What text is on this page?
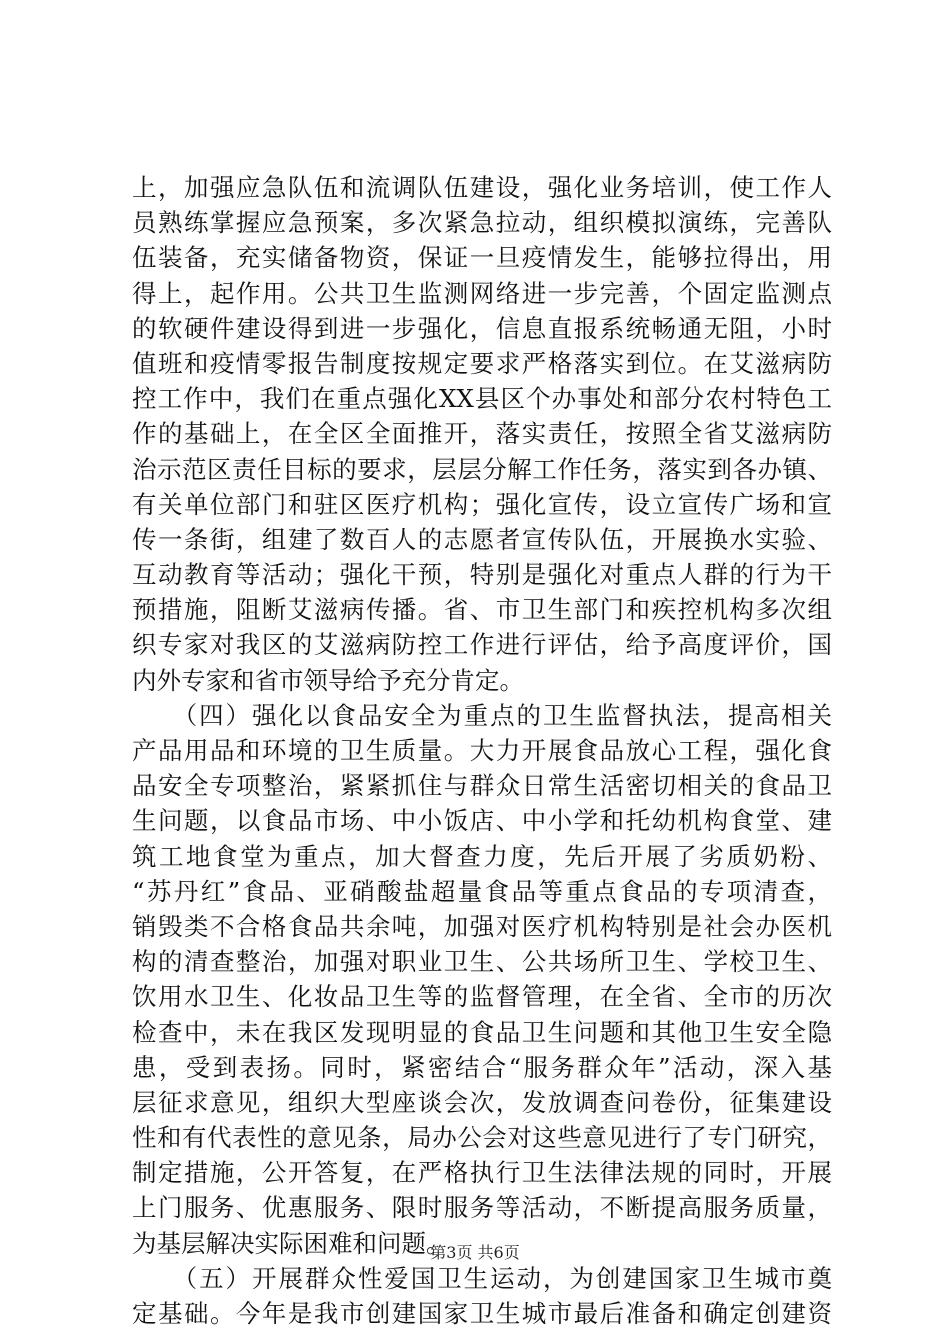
上，加强应急队伍和流调队伍建设，强化业务培训，使工作人
员熟练掌握应急预案，多次紧急拉动，组织模拟演练，完善队
伍装备，充实储备物资，保证一旦疫情发生，能够拉得出，用
得上，起作用。公共卫生监测网络进一步完善，个固定监测点
的软硬件建设得到进一步强化，信息直报系统畅通无阻，小时
值班和疫情零报告制度按规定要求严格落实到位。在艾滋病防
控工作中，我们在重点强化XX县区个办事处和部分农村特色工
作的基础上，在全区全面推开，落实责任，按照全省艾滋病防
治示范区责任目标的要求，层层分解工作任务，落实到各办镇、
有关单位部门和驻区医疗机构；强化宣传，设立宣传广场和宣
传一条街，组建了数百人的志愿者宣传队伍，开展换水实验、
互动教育等活动；强化干预，特别是强化对重点人群的行为干
预措施，阻断艾滋病传播。省、市卫生部门和疾控机构多次组
织专家对我区的艾滋病防控工作进行评估，给予高度评价，国
内外专家和省市领导给予充分肯定。
　　（四）强化以食品安全为重点的卫生监督执法，提高相关
产品用品和环境的卫生质量。大力开展食品放心工程，强化食
品安全专项整治，紧紧抓住与群众日常生活密切相关的食品卫
生问题，以食品市场、中小饭店、中小学和托幼机构食堂、建
筑工地食堂为重点，加大督查力度，先后开展了劣质奶粉、
“苏丹红”食品、亚硝酸盐超量食品等重点食品的专项清查，
销毁类不合格食品共余吨，加强对医疗机构特别是社会办医机
构的清查整治，加强对职业卫生、公共场所卫生、学校卫生、
饮用水卫生、化妆品卫生等的监督管理，在全省、全市的历次
检查中，未在我区发现明显的食品卫生问题和其他卫生安全隐
患，受到表扬。同时，紧密结合“服务群众年”活动，深入基
层征求意见，组织大型座谈会次，发放调查问卷份，征集建设
性和有代表性的意见条，局办公会对这些意见进行了专门研究，
制定措施，公开答复，在严格执行卫生法律法规的同时，开展
上门服务、优惠服务、限时服务等活动，不断提高服务质量，
为基层解决实际困难和问题。
　　（五）开展群众性爱国卫生运动，为创建国家卫生城市奠
定基础。今年是我市创建国家卫生城市最后准备和确定创建资
第3页 共6页
